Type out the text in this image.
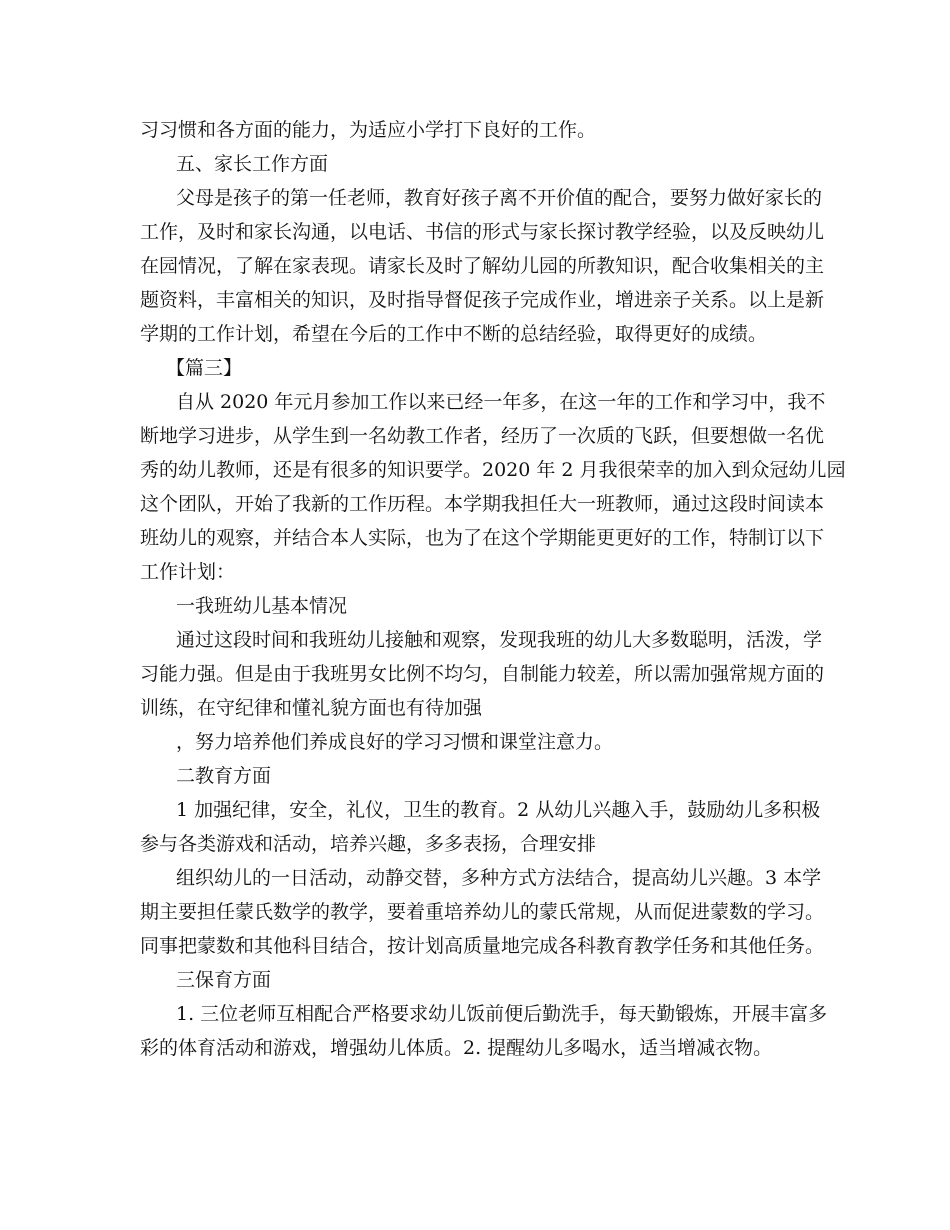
习习惯和各方面的能力，为适应小学打下良好的工作。
五、家长工作方面
父母是孩子的第一任老师，教育好孩子离不开价值的配合，要努力做好家长的
工作，及时和家长沟通，以电话、书信的形式与家长探讨教学经验，以及反映幼儿
在园情况，了解在家表现。请家长及时了解幼儿园的所教知识，配合收集相关的主
题资料，丰富相关的知识，及时指导督促孩子完成作业，增进亲子关系。以上是新
学期的工作计划，希望在今后的工作中不断的总结经验，取得更好的成绩。
【篇三】
自从 2020 年元月参加工作以来已经一年多，在这一年的工作和学习中，我不
断地学习进步，从学生到一名幼教工作者，经历了一次质的飞跃，但要想做一名优
秀的幼儿教师，还是有很多的知识要学。2020 年 2 月我很荣幸的加入到众冠幼儿园
这个团队，开始了我新的工作历程。本学期我担任大一班教师，通过这段时间读本
班幼儿的观察，并结合本人实际，也为了在这个学期能更更好的工作，特制订以下
工作计划：
一我班幼儿基本情况
通过这段时间和我班幼儿接触和观察，发现我班的幼儿大多数聪明，活泼，学
习能力强。但是由于我班男女比例不均匀，自制能力较差，所以需加强常规方面的
训练，在守纪律和懂礼貌方面也有待加强
，努力培养他们养成良好的学习习惯和课堂注意力。
二教育方面
1 加强纪律，安全，礼仪，卫生的教育。2 从幼儿兴趣入手，鼓励幼儿多积极
参与各类游戏和活动，培养兴趣，多多表扬，合理安排
组织幼儿的一日活动，动静交替，多种方式方法结合，提高幼儿兴趣。3 本学
期主要担任蒙氏数学的教学，要着重培养幼儿的蒙氏常规，从而促进蒙数的学习。
同事把蒙数和其他科目结合，按计划高质量地完成各科教育教学任务和其他任务。
三保育方面
1. 三位老师互相配合严格要求幼儿饭前便后勤洗手，每天勤锻炼，开展丰富多
彩的体育活动和游戏，增强幼儿体质。2. 提醒幼儿多喝水，适当增减衣物。
